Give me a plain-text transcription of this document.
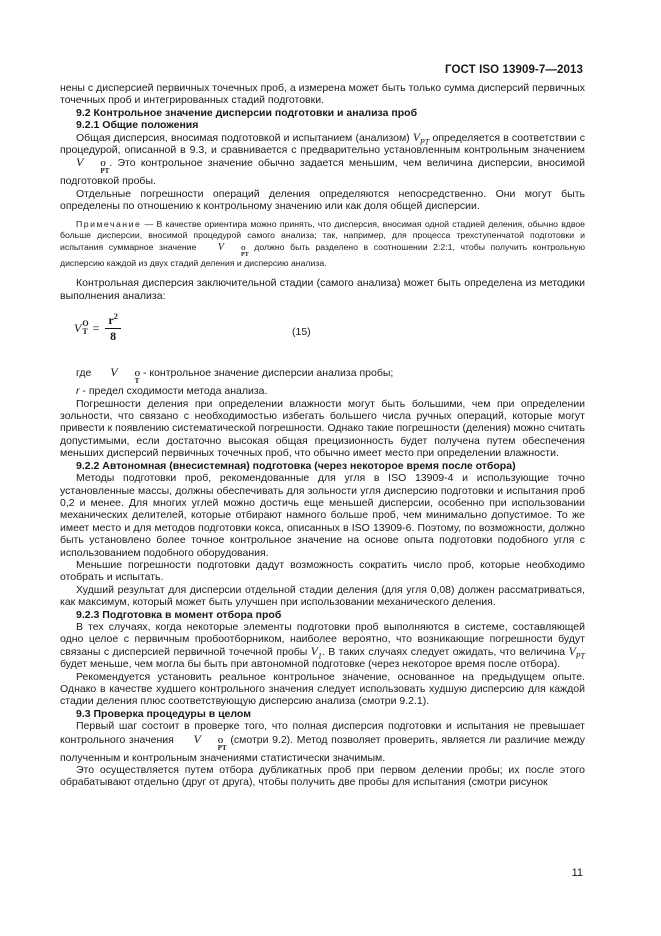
ГОСТ ISO 13909-7—2013

нены с дисперсией первичных точечных проб, а измерена может быть только сумма дисперсий первичных точечных проб и интегрированных стадий подготовки.

9.2 Контрольное значение дисперсии подготовки и анализа проб

9.2.1 Общие положения

Общая дисперсия, вносимая подготовкой и испытанием (анализом) $V_{PT}$ определяется в соответствии с процедурой, описанной в 9.3, и сравнивается с предварительно установленным контрольным значением
V	O
PT
. Это контрольное значение обычно задается меньшим, чем величина дисперсии, вносимой подготовкой пробы.

Отдельные погрешности операций деления определяются непосредственно. Они могут быть определены по отношению к контрольному значению или как доля общей дисперсии.

Примечание — В качестве ориентира можно принять, что дисперсия, вносимая одной стадией деления, обычно вдвое больше дисперсии, вносимой процедурой самого анализа; так, например, для процесса трехступенчатой подготовки и испытания суммарное значение	V	O
PT
должно быть разделено в соотношении 2:2:1, чтобы получить контрольную дисперсию каждой из двух стадий деления и дисперсию анализа.

Контрольная дисперсия заключительной стадии (самого анализа) может быть определена из методики выполнения анализа:

V O
$T = \frac{r^2}{8}$	(15)

где	V	O
T
- контрольное значение дисперсии анализа пробы;

r - предел сходимости метода анализа.

Погрешности деления при определении влажности могут быть большими, чем при определении зольности, что связано с необходимостью избегать большего числа ручных операций, которые могут привести к появлению систематической погрешности. Однако такие погрешности (деления) можно считать допустимыми, если достаточно высокая общая прецизионность будет получена путем обеспечения меньших дисперсий первичных точечных проб, что обычно имеет место при определении влажности.

9.2.2 Автономная (внесистемная) подготовка (через некоторое время после отбора)

Методы подготовки проб, рекомендованные для угля в ISO 13909-4 и использующие точно установленные массы, должны обеспечивать для зольности угля дисперсию подготовки и испытания проб 0,2 и менее. Для многих углей можно достичь еще меньшей дисперсии, особенно при использовании механических делителей, которые отбирают намного больше проб, чем минимально допустимое. То же имеет место и для методов подготовки кокса, описанных в ISO 13909-6. Поэтому, по возможности, должно быть установлено более точное контрольное значение на основе опыта подготовки подобного угля с использованием подобного оборудования.

Меньшие погрешности подготовки дадут возможность сократить число проб, которые необходимо отобрать и испытать.

Худший результат для дисперсии отдельной стадии деления (для угля 0,08) должен рассматриваться, как максимум, который может быть улучшен при использовании механического деления.

9.2.3 Подготовка в момент отбора проб

В тех случаях, когда некоторые элементы подготовки проб выполняются в системе, составляющей одно целое с первичным пробоотборником, наиболее вероятно, что возникающие погрешности будут связаны с дисперсией первичной точечной пробы $V_1$. В таких случаях следует ожидать, что величина $V_{PT}$ будет меньше, чем могла бы быть при автономной подготовке (через некоторое время после отбора).

Рекомендуется установить реальное контрольное значение, основанное на предыдущем опыте. Однако в качестве худшего контрольного значения следует использовать худшую дисперсию для каждой стадии деления плюс соответствующую дисперсию анализа (смотри 9.2.1).

9.3 Проверка процедуры в целом

Первый шаг состоит в проверке того, что полная дисперсия подготовки и испытания не превышает контрольного значения	V	O
PT
(смотри 9.2). Метод позволяет проверить, является ли различие между полученным и контрольным значениями статистически значимым.

Это осуществляется путем отбора дубликатных проб при первом делении пробы; их после этого обрабатывают отдельно (друг от друга), чтобы получить две пробы для испытания (смотри рисунок

11
